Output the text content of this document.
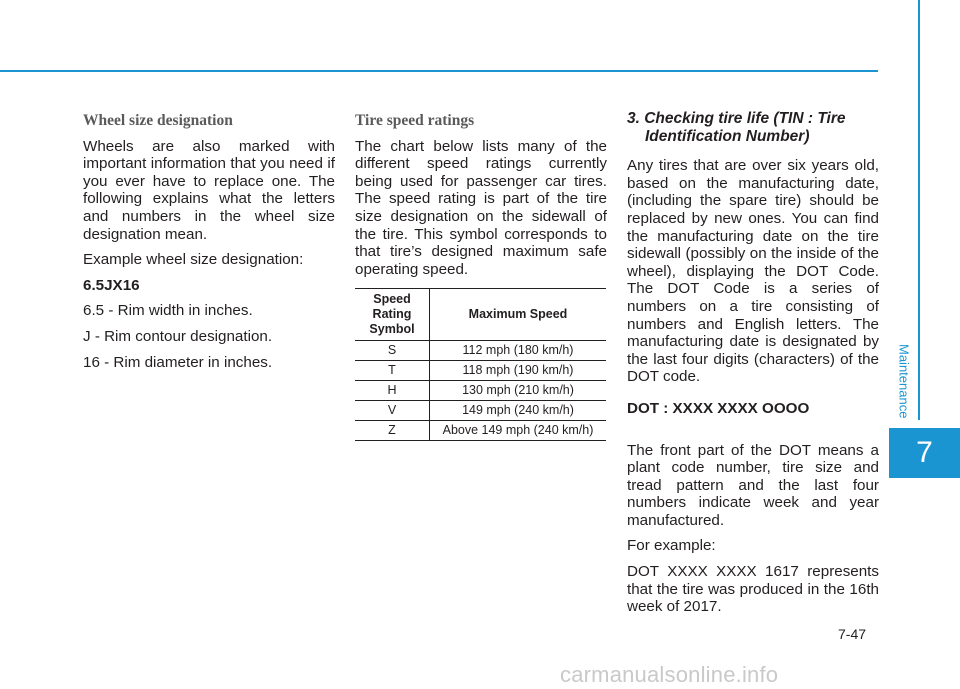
Wheel size designation

Wheels are also marked with important information that you need if you ever have to replace one. The following explains what the letters and numbers in the wheel size designation mean.

Example wheel size designation:

6.5JX16

6.5 - Rim width in inches.

J - Rim contour designation.

16 - Rim diameter in inches.

Tire speed ratings

The chart below lists many of the different speed ratings currently being used for passenger car tires. The speed rating is part of the tire size designation on the sidewall of the tire. This symbol corresponds to that tire’s designed maximum safe operating speed.

Speed Rating Symbol	Maximum Speed
S	112 mph (180 km/h)
T	118 mph (190 km/h)
H	130 mph (210 km/h)
V	149 mph (240 km/h)
Z	Above 149 mph (240 km/h)
3. Checking tire life (TIN : Tire Identification Number)

Any tires that are over six years old, based on the manufacturing date, (including the spare tire) should be replaced by new ones. You can find the manufacturing date on the tire sidewall (possibly on the inside of the wheel), displaying the DOT Code. The DOT Code is a series of numbers on a tire consisting of numbers and English letters. The manufacturing date is designated by the last four digits (characters) of the DOT code.

DOT : XXXX XXXX OOOO

The front part of the DOT means a plant code number, tire size and tread pattern and the last four numbers indicate week and year manufactured.

For example:

DOT XXXX XXXX 1617 represents that the tire was produced in the 16th week of 2017.

Maintenance
7
7-47
carmanualsonline.info
